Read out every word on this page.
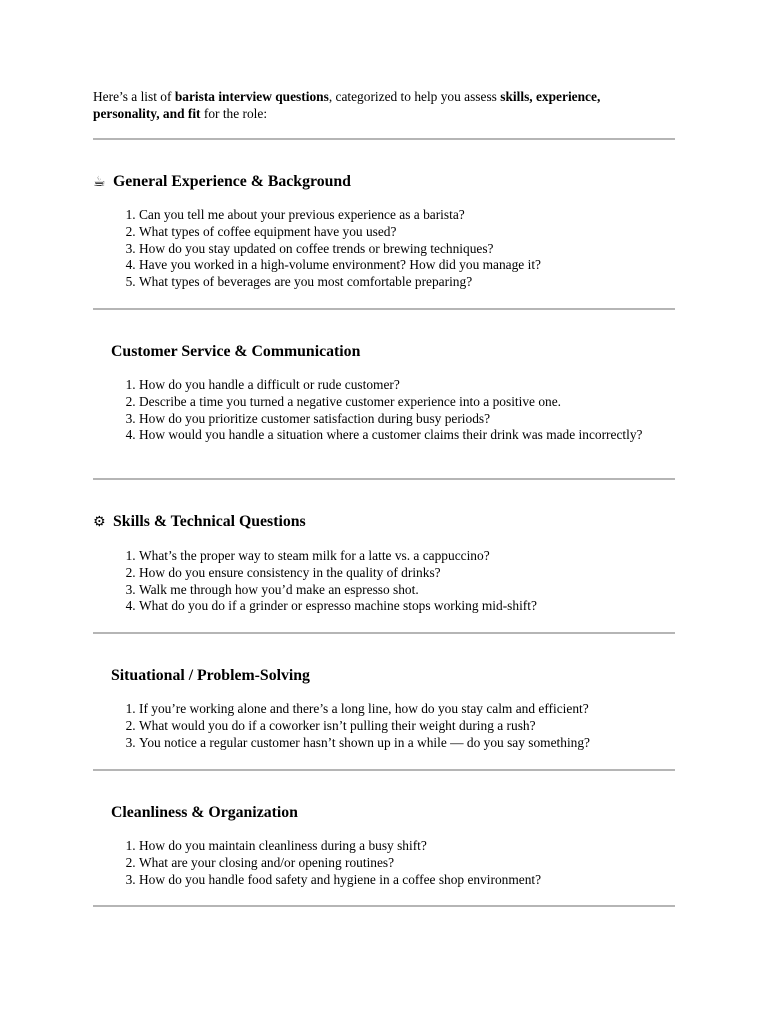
Here’s a list of barista interview questions, categorized to help you assess skills, experience, personality, and fit for the role:

☕ General Experience & Background
1. Can you tell me about your previous experience as a barista?
2. What types of coffee equipment have you used?
3. How do you stay updated on coffee trends or brewing techniques?
4. Have you worked in a high-volume environment? How did you manage it?
5. What types of beverages are you most comfortable preparing?
Customer Service & Communication
1. How do you handle a difficult or rude customer?
2. Describe a time you turned a negative customer experience into a positive one.
3. How do you prioritize customer satisfaction during busy periods?
4. How would you handle a situation where a customer claims their drink was made incorrectly?
⚙ Skills & Technical Questions
1. What’s the proper way to steam milk for a latte vs. a cappuccino?
2. How do you ensure consistency in the quality of drinks?
3. Walk me through how you’d make an espresso shot.
4. What do you do if a grinder or espresso machine stops working mid-shift?
Situational / Problem-Solving
1. If you’re working alone and there’s a long line, how do you stay calm and efficient?
2. What would you do if a coworker isn’t pulling their weight during a rush?
3. You notice a regular customer hasn’t shown up in a while — do you say something?
Cleanliness & Organization
1. How do you maintain cleanliness during a busy shift?
2. What are your closing and/or opening routines?
3. How do you handle food safety and hygiene in a coffee shop environment?
